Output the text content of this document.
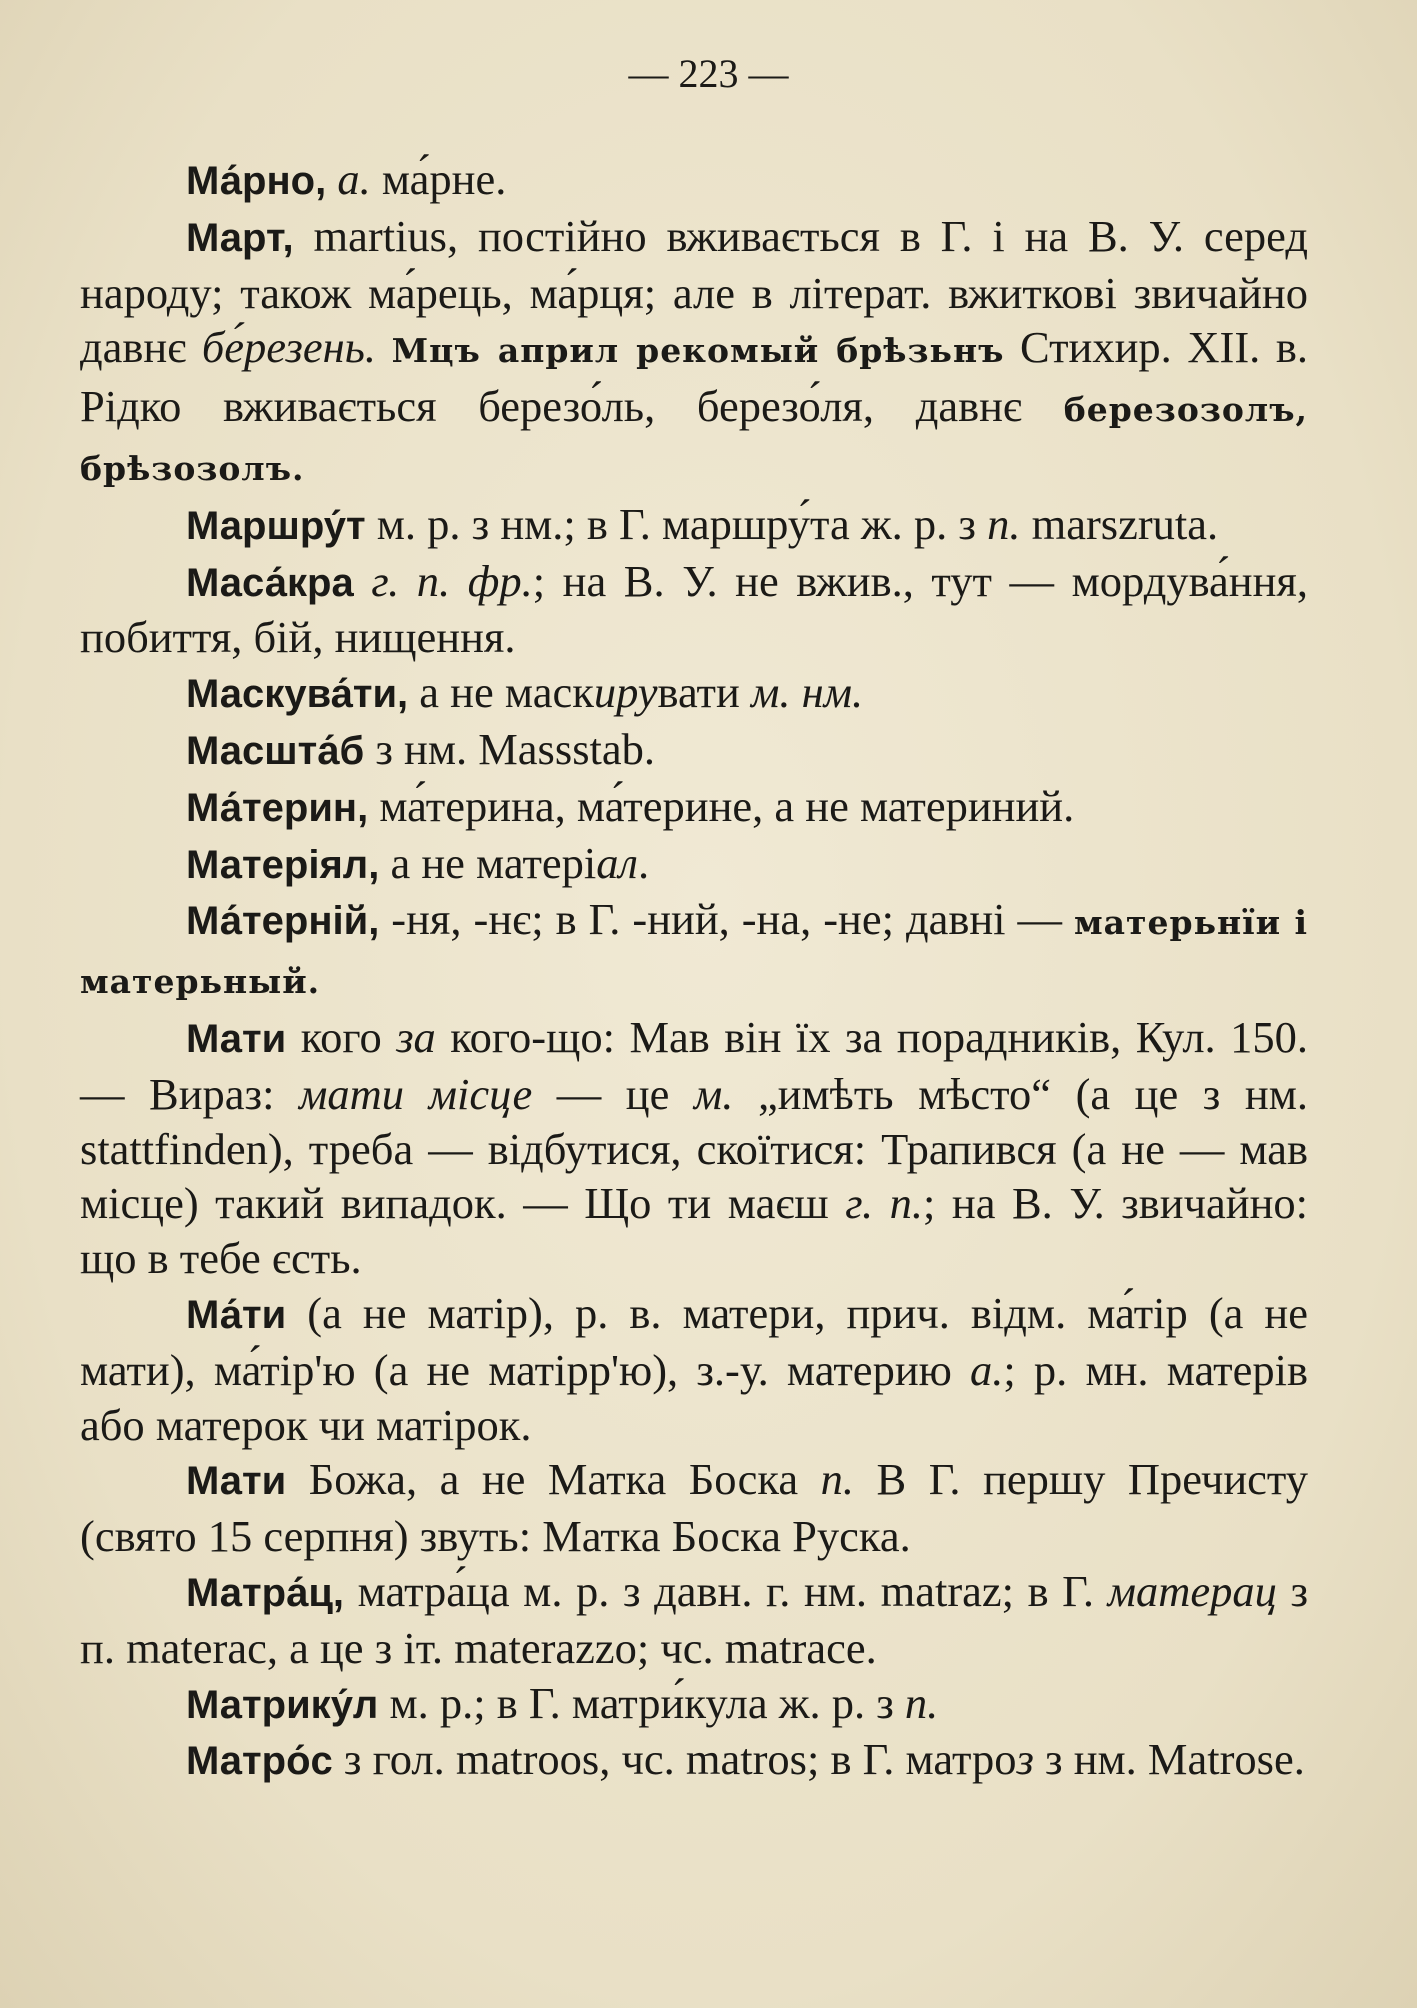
— 223 —

Ма́рно, а. ма́рне.

Март, martius, постійно вживається в Г. і на В. У. серед народу; також ма́рець, ма́рця; але в літерат. вжиткові звичайно давнє бе́резень. Мцъ април рекомый брѣзьнъ Стихир. XII. в. Рідко вживається березо́ль, березо́ля, давнє березозолъ, брѣзозолъ.

Маршру́т м. р. з нм.; в Г. маршру́та ж. р. з п. marszruta.

Маса́кра г. п. фр.; на В. У. не вжив., тут — мордува́ння, побиття, бій, нищення.

Маскува́ти, а не маскирувати м. нм.

Масшта́б з нм. Massstab.

Ма́терин, ма́терина, ма́терине, а не материний.

Матеріял, а не матеріал.

Ма́терній, -ня, -нє; в Г. -ний, -на, -не; давні — матерьнїи і матерьный.

Мати кого за кого-що: Мав він їх за порадників, Кул. 150. — Вираз: мати місце — це м. „имѣть мѣсто“ (а це з нм. stattfinden), треба — відбутися, скоїтися: Трапився (а не — мав місце) такий випадок. — Що ти маєш г. п.; на В. У. звичайно: що в тебе єсть.

Ма́ти (а не матір), р. в. матери, прич. відм. ма́тір (а не мати), ма́тір'ю (а не матірр'ю), з.-у. материю а.; р. мн. матерів або матерок чи матірок.

Мати Божа, а не Матка Боска п. В Г. першу Пречисту (свято 15 серпня) звуть: Матка Боска Руска.

Матра́ц, матра́ца м. р. з давн. г. нм. matraz; в Г. матерац з п. materac, а це з іт. materazzo; чс. matrace.

Матрику́л м. р.; в Г. матри́кула ж. р. з п.

Матро́с з гол. matroos, чс. matros; в Г. матроз з нм. Matrose.
